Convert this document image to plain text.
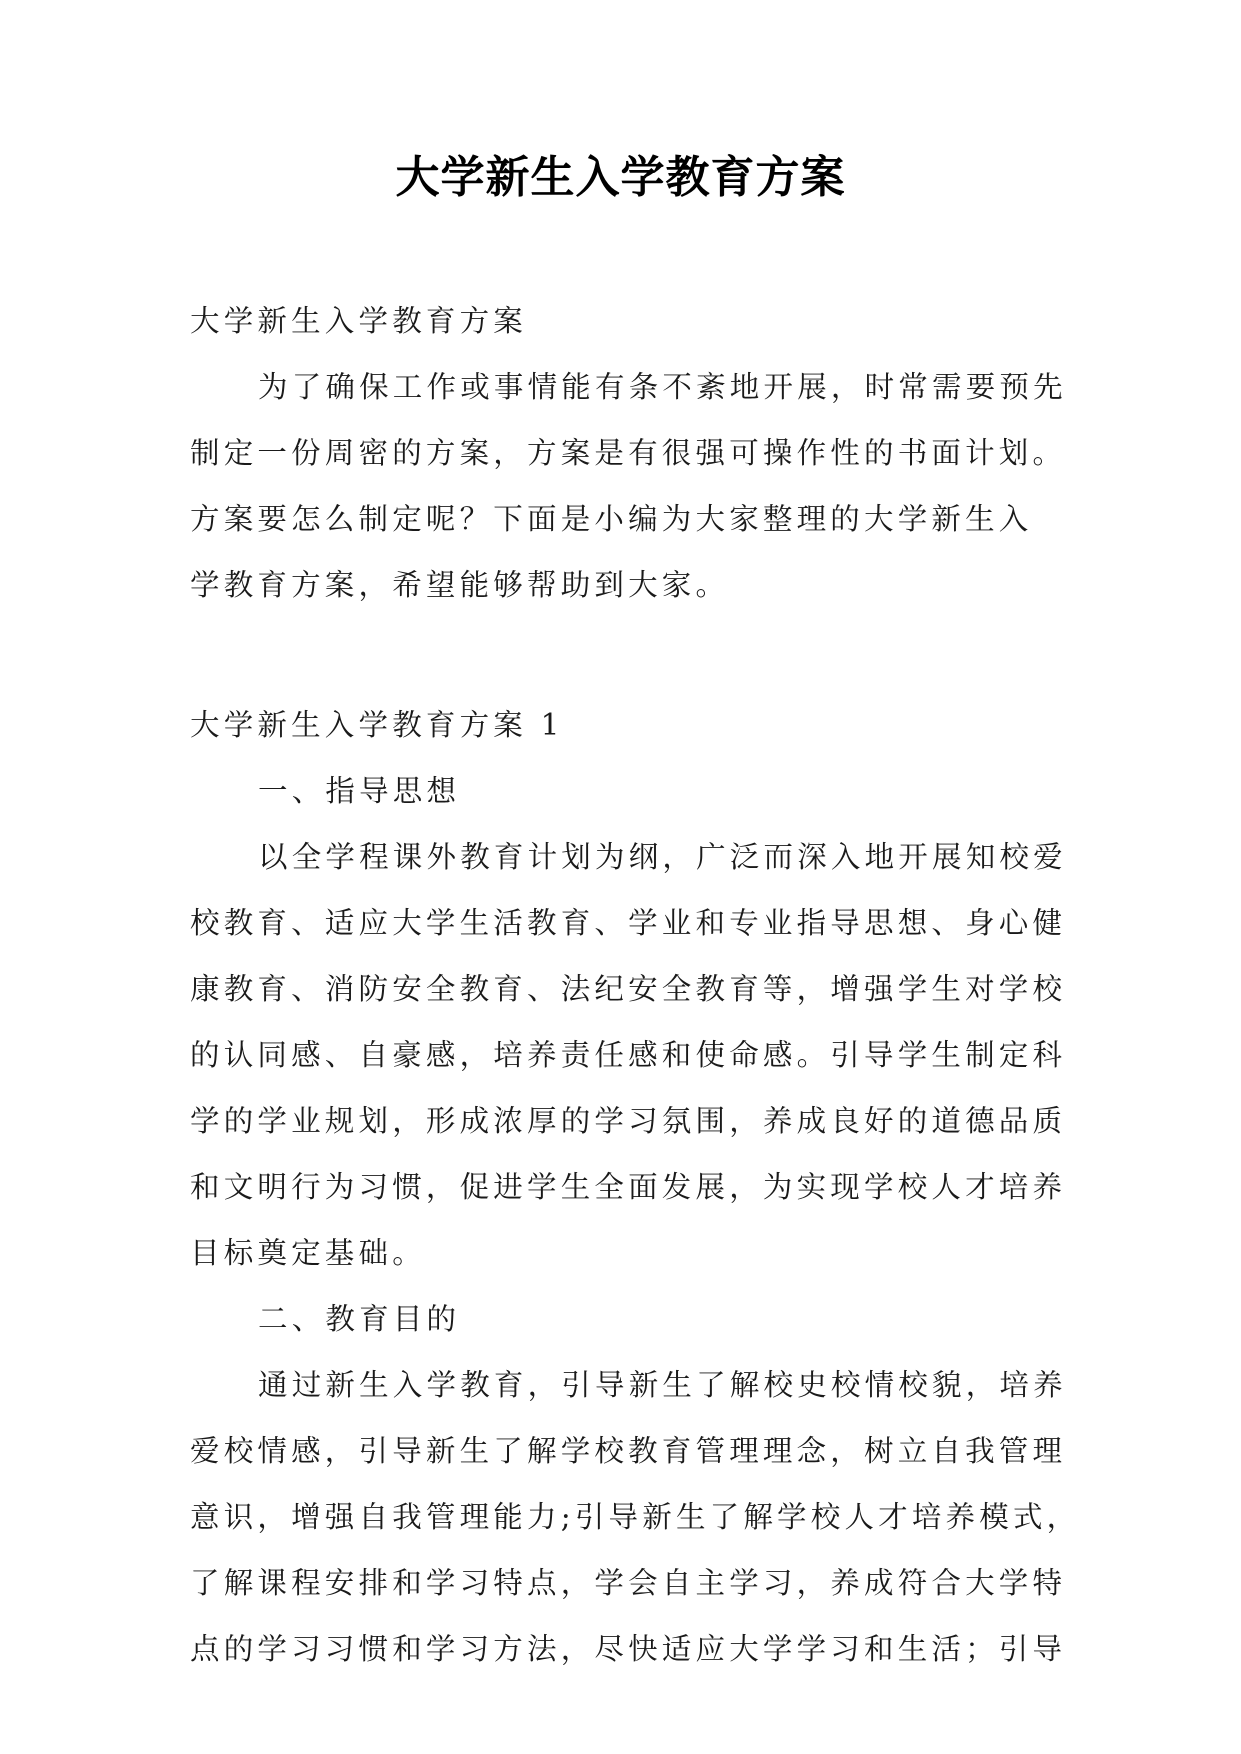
大学新生入学教育方案
大学新生入学教育方案
为了确保工作或事情能有条不紊地开展，时常需要预先
制定一份周密的方案，方案是有很强可操作性的书面计划。
方案要怎么制定呢？下面是小编为大家整理的大学新生入
学教育方案，希望能够帮助到大家。
大学新生入学教育方案 1
一、指导思想
以全学程课外教育计划为纲，广泛而深入地开展知校爱
校教育、适应大学生活教育、学业和专业指导思想、身心健
康教育、消防安全教育、法纪安全教育等，增强学生对学校
的认同感、自豪感，培养责任感和使命感。引导学生制定科
学的学业规划，形成浓厚的学习氛围，养成良好的道德品质
和文明行为习惯，促进学生全面发展，为实现学校人才培养
目标奠定基础。
二、教育目的
通过新生入学教育，引导新生了解校史校情校貌，培养
爱校情感，引导新生了解学校教育管理理念，树立自我管理
意识，增强自我管理能力;引导新生了解学校人才培养模式，
了解课程安排和学习特点，学会自主学习，养成符合大学特
点的学习习惯和学习方法，尽快适应大学学习和生活；引导
